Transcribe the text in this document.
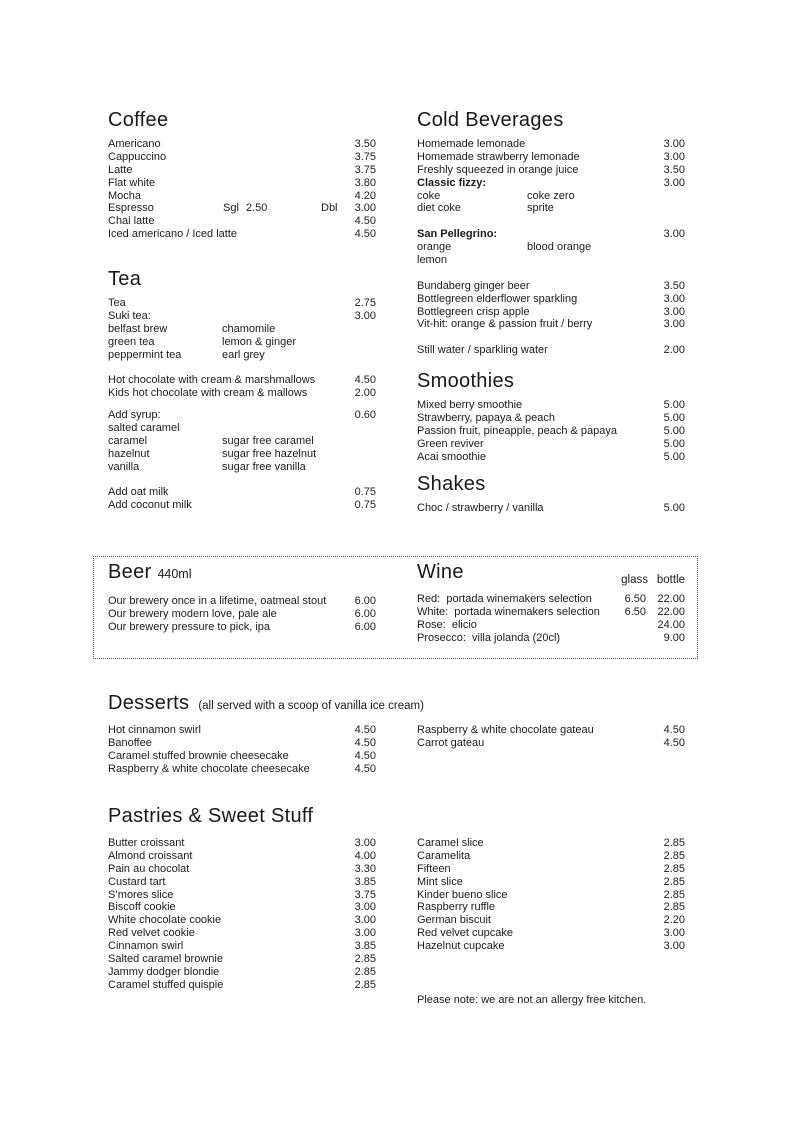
Coffee
Americano	3.50
Cappuccino	3.75
Latte	3.75
Flat white	3.80
Mocha	4.20
Espresso	Sgl 2.50	Dbl 3.00
Chai latte	4.50
Iced americano / Iced latte	4.50
Tea
Tea	2.75
Suki tea:	3.00
belfast brew	chamomile
green tea	lemon & ginger
peppermint tea	earl grey
Hot chocolate with cream & marshmallows	4.50
Kids hot chocolate with cream & mallows	2.00
Add syrup:	0.60
salted caramel
caramel	sugar free caramel
hazelnut	sugar free hazelnut
vanilla	sugar free vanilla
Add oat milk	0.75
Add coconut milk	0.75
Cold Beverages
Homemade lemonade	3.00
Homemade strawberry lemonade	3.00
Freshly squeezed in orange juice	3.50
Classic fizzy:	3.00
coke	coke zero
diet coke	sprite
San Pellegrino:	3.00
orange	blood orange
lemon
Bundaberg ginger beer	3.50
Bottlegreen elderflower sparkling	3.00
Bottlegreen crisp apple	3.00
Vit-hit: orange & passion fruit / berry	3.00
Still water / sparkling water	2.00
Smoothies
Mixed berry smoothie	5.00
Strawberry, papaya & peach	5.00
Passion fruit, pineapple, peach & papaya	5.00
Green reviver	5.00
Acai smoothie	5.00
Shakes
Choc / strawberry / vanilla	5.00
Beer 440ml
Our brewery once in a lifetime, oatmeal stout	6.00
Our brewery modern love, pale ale	6.00
Our brewery pressure to pick, ipa	6.00
Wine	glass bottle
Red:  portada winemakers selection	6.50 22.00
White:  portada winemakers selection 6.50 22.00
Rose:  elicio	24.00
Prosecco:  villa jolanda (20cl)	9.00
Desserts (all served with a scoop of vanilla ice cream)
Hot cinnamon swirl	4.50
Banoffee	4.50
Caramel stuffed brownie cheesecake	4.50
Raspberry & white chocolate cheesecake	4.50
Raspberry & white chocolate gateau	4.50
Carrot gateau	4.50
Pastries & Sweet Stuff
Butter croissant	3.00
Almond croissant	4.00
Pain au chocolat	3.30
Custard tart	3.85
S’mores slice	3.75
Biscoff cookie	3.00
White chocolate cookie	3.00
Red velvet cookie	3.00
Cinnamon swirl	3.85
Salted caramel brownie	2.85
Jammy dodger blondie	2.85
Caramel stuffed quispie	2.85
Caramel slice	2.85
Caramelita	2.85
Fifteen	2.85
Mint slice	2.85
Kinder bueno slice	2.85
Raspberry ruffle	2.85
German biscuit	2.20
Red velvet cupcake	3.00
Hazelnut cupcake	3.00
Please note: we are not an allergy free kitchen.
